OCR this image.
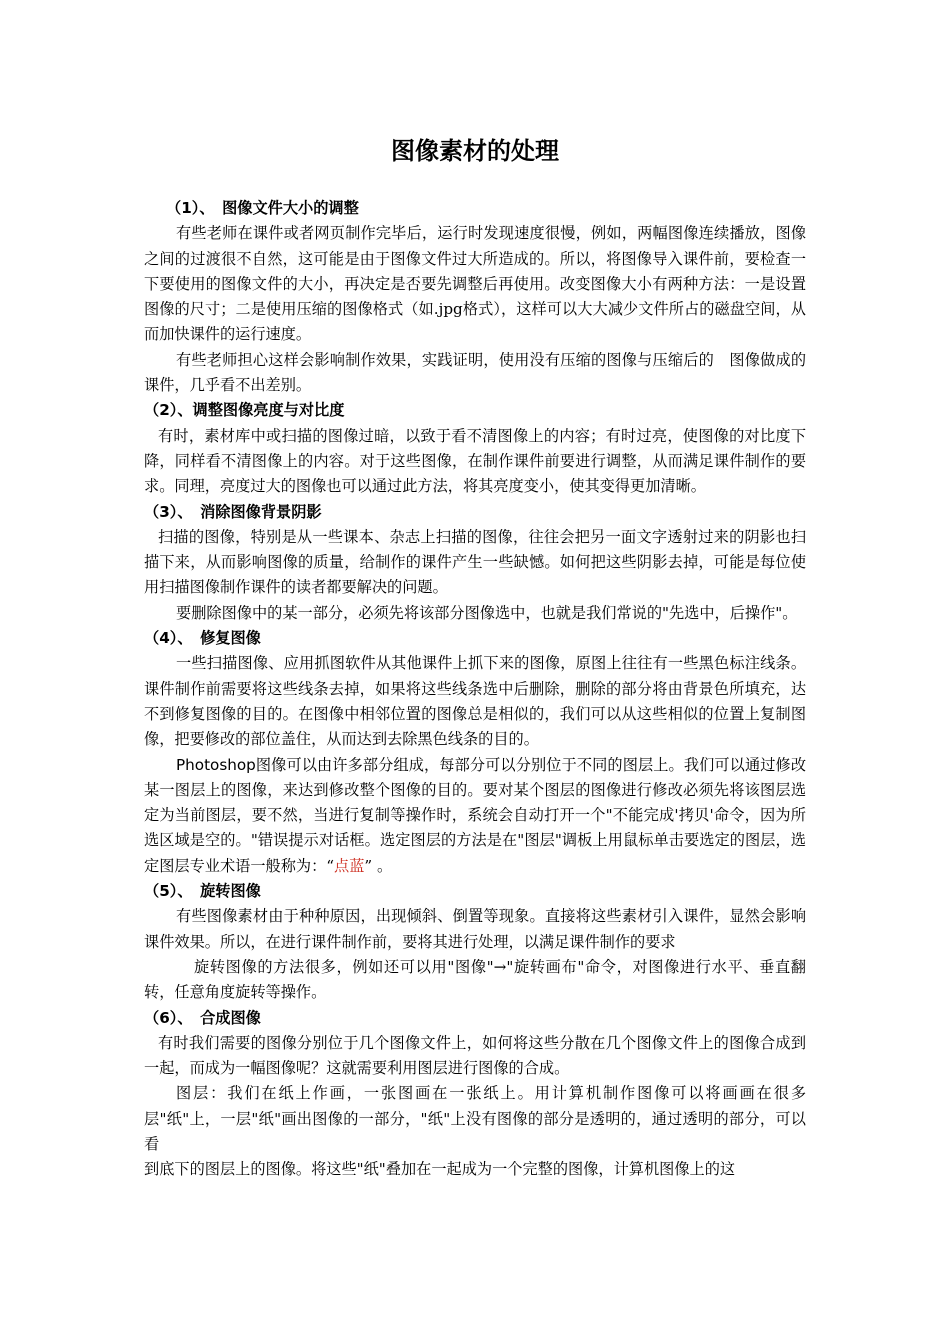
图像素材的处理

（1）、　图像文件大小的调整

有些老师在课件或者网页制作完毕后，运行时发现速度很慢，例如，两幅图像连续播放，图像之间的过渡很不自然，这可能是由于图像文件过大所造成的。所以，将图像导入课件前，要检查一下要使用的图像文件的大小，再决定是否要先调整后再使用。改变图像大小有两种方法：一是设置图像的尺寸；二是使用压缩的图像格式（如.jpg格式），这样可以大大减少文件所占的磁盘空间，从而加快课件的运行速度。

有些老师担心这样会影响制作效果，实践证明，使用没有压缩的图像与压缩后的　图像做成的课件，几乎看不出差别。

（2）、调整图像亮度与对比度

有时，素材库中或扫描的图像过暗，以致于看不清图像上的内容；有时过亮，使图像的对比度下降，同样看不清图像上的内容。对于这些图像，在制作课件前要进行调整，从而满足课件制作的要求。同理，亮度过大的图像也可以通过此方法，将其亮度变小，使其变得更加清晰。

（3）、　消除图像背景阴影

扫描的图像，特别是从一些课本、杂志上扫描的图像，往往会把另一面文字透射过来的阴影也扫描下来，从而影响图像的质量，给制作的课件产生一些缺憾。如何把这些阴影去掉，可能是每位使用扫描图像制作课件的读者都要解决的问题。

要删除图像中的某一部分，必须先将该部分图像选中，也就是我们常说的"先选中，后操作"。

（4）、　修复图像

一些扫描图像、应用抓图软件从其他课件上抓下来的图像，原图上往往有一些黑色标注线条。课件制作前需要将这些线条去掉，如果将这些线条选中后删除，删除的部分将由背景色所填充，达不到修复图像的目的。在图像中相邻位置的图像总是相似的，我们可以从这些相似的位置上复制图像，把要修改的部位盖住，从而达到去除黑色线条的目的。

Photoshop图像可以由许多部分组成，每部分可以分别位于不同的图层上。我们可以通过修改某一图层上的图像，来达到修改整个图像的目的。要对某个图层的图像进行修改必须先将该图层选定为当前图层，要不然，当进行复制等操作时，系统会自动打开一个"不能完成'拷贝'命令，因为所选区域是空的。"错误提示对话框。选定图层的方法是在"图层"调板上用鼠标单击要选定的图层，选定图层专业术语一般称为：“点蓝” 。

（5）、　旋转图像

有些图像素材由于种种原因，出现倾斜、倒置等现象。直接将这些素材引入课件，显然会影响课件效果。所以，在进行课件制作前，要将其进行处理，以满足课件制作的要求

旋转图像的方法很多，例如还可以用"图像"→"旋转画布"命令，对图像进行水平、垂直翻转，任意角度旋转等操作。

（6）、　合成图像

有时我们需要的图像分别位于几个图像文件上，如何将这些分散在几个图像文件上的图像合成到一起，而成为一幅图像呢？这就需要利用图层进行图像的合成。

图层：我们在纸上作画，一张图画在一张纸上。用计算机制作图像可以将画画在很多层"纸"上，一层"纸"画出图像的一部分，"纸"上没有图像的部分是透明的，通过透明的部分，可以看

到底下的图层上的图像。将这些"纸"叠加在一起成为一个完整的图像，计算机图像上的这
